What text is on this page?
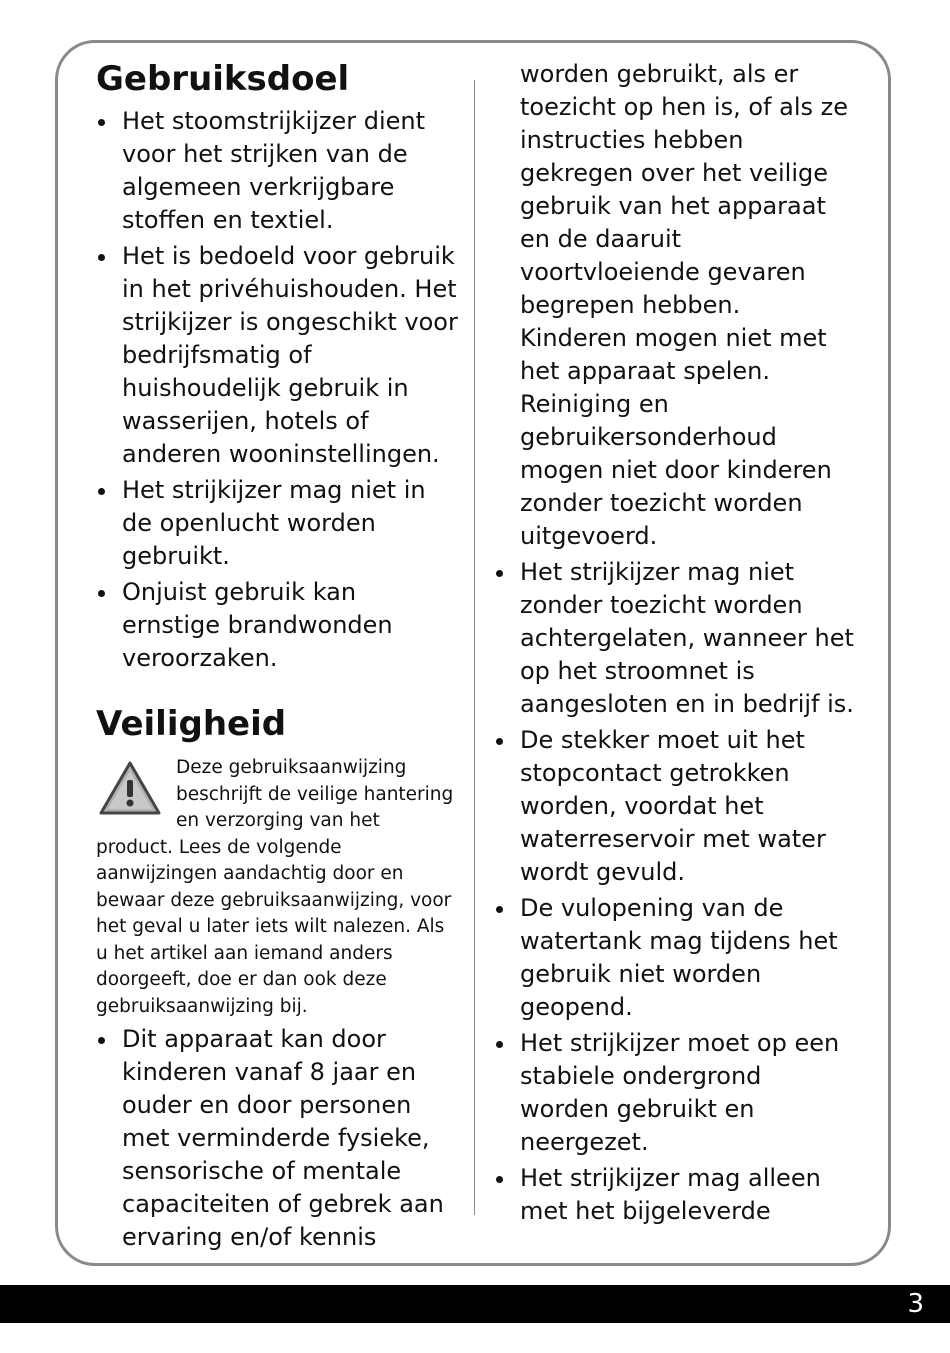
Gebruiksdoel
Het stoomstrijkijzer dient voor het strijken van de algemeen verkrijgbare stoffen en textiel.
Het is bedoeld voor gebruik in het privéhuishouden. Het strijkijzer is ongeschikt voor bedrijfsmatig of huishoudelijk gebruik in wasserijen, hotels of anderen wooninstellingen.
Het strijkijzer mag niet in de openlucht worden gebruikt.
Onjuist gebruik kan ernstige brandwonden veroorzaken.
Veiligheid

Deze gebruiksaanwijzing beschrijft de veilige hantering en verzorging van het product. Lees de volgende aanwijzingen aandachtig door en bewaar deze gebruiksaanwijzing, voor het geval u later iets wilt nalezen. Als u het artikel aan iemand anders doorgeeft, doe er dan ook deze gebruiksaanwijzing bij.

Dit apparaat kan door kinderen vanaf 8 jaar en ouder en door personen met verminderde fysieke, sensorische of mentale capaciteiten of gebrek aan ervaring en/of kennis
worden gebruikt, als er toezicht op hen is, of als ze instructies hebben gekregen over het veilige gebruik van het apparaat en de daaruit voortvloeiende gevaren begrepen hebben. Kinderen mogen niet met het apparaat spelen. Reiniging en gebruikersonderhoud mogen niet door kinderen zonder toezicht worden uitgevoerd.
Het strijkijzer mag niet zonder toezicht worden achtergelaten, wanneer het op het stroomnet is aangesloten en in bedrijf is.
De stekker moet uit het stopcontact getrokken worden, voordat het waterreservoir met water wordt gevuld.
De vulopening van de watertank mag tijdens het gebruik niet worden geopend.
Het strijkijzer moet op een stabiele ondergrond worden gebruikt en neergezet.
Het strijkijzer mag alleen met het bijgeleverde
3
